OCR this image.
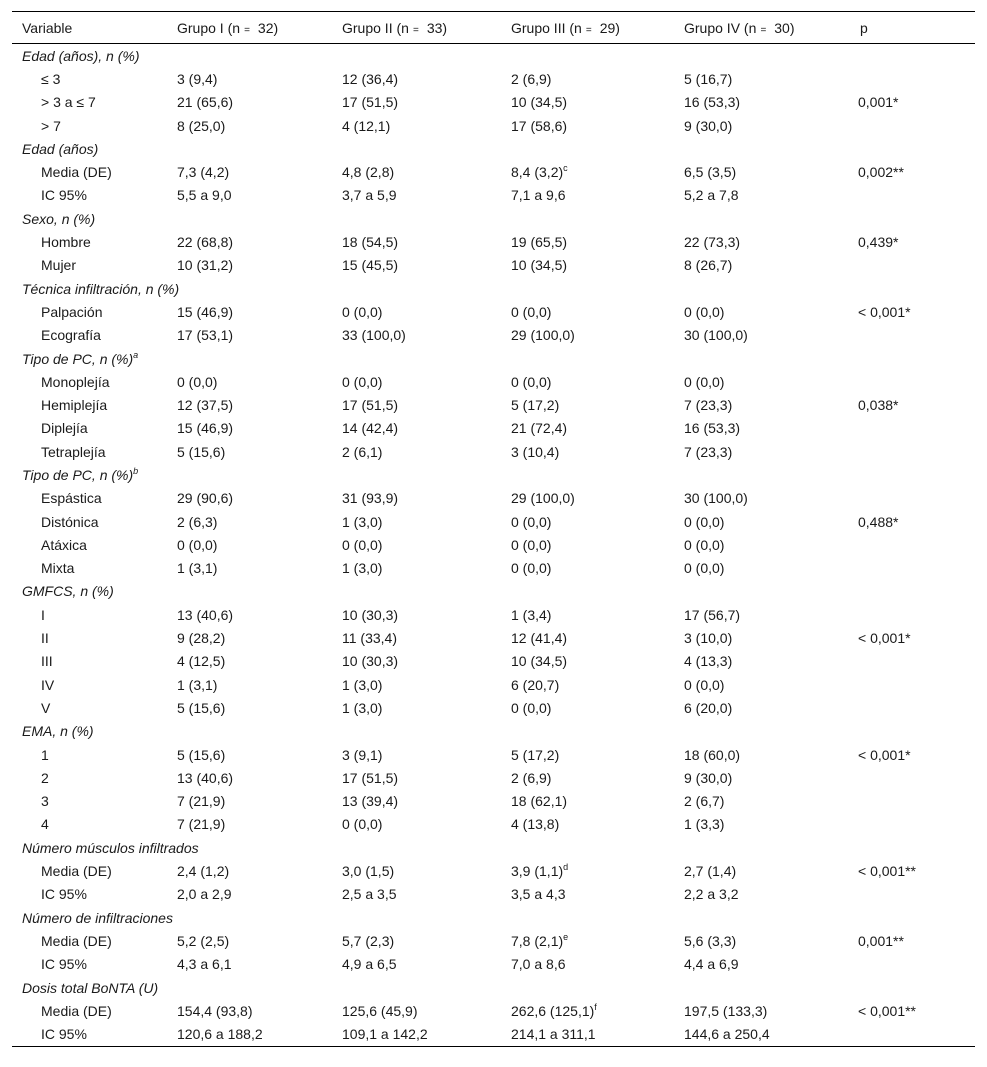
Variable	Grupo I (n = 32)	Grupo II (n = 33)	Grupo III (n = 29)	Grupo IV (n = 30)	p
Edad (años), n (%)					
≤ 3	3 (9,4)	12 (36,4)	2 (6,9)	5 (16,7)	
> 3 a ≤ 7	21 (65,6)	17 (51,5)	10 (34,5)	16 (53,3)	0,001*
> 7	8 (25,0)	4 (12,1)	17 (58,6)	9 (30,0)	
Edad (años)					
Media (DE)	7,3 (4,2)	4,8 (2,8)	8,4 $(3,2)^c$	6,5 (3,5)	0,002**
IC 95%	5,5 a 9,0	3,7 a 5,9	7,1 a 9,6	5,2 a 7,8	
Sexo, n (%)					
Hombre	22 (68,8)	18 (54,5)	19 (65,5)	22 (73,3)	0,439*
Mujer	10 (31,2)	15 (45,5)	10 (34,5)	8 (26,7)	
Técnica infiltración, n (%)					
Palpación	15 (46,9)	0 (0,0)	0 (0,0)	0 (0,0)	< 0,001*
Ecografía	17 (53,1)	33 (100,0)	29 (100,0)	30 (100,0)	
Tipo de PC, n (%)$^a$
Monoplejía	0 (0,0)	0 (0,0)	0 (0,0)	0 (0,0)	
Hemiplejía	12 (37,5)	17 (51,5)	5 (17,2)	7 (23,3)	0,038*
Diplejía	15 (46,9)	14 (42,4)	21 (72,4)	16 (53,3)	
Tetraplejía	5 (15,6)	2 (6,1)	3 (10,4)	7 (23,3)	
Tipo de PC, n (%)$^b$
Espástica	29 (90,6)	31 (93,9)	29 (100,0)	30 (100,0)	
Distónica	2 (6,3)	1 (3,0)	0 (0,0)	0 (0,0)	0,488*
Atáxica	0 (0,0)	0 (0,0)	0 (0,0)	0 (0,0)	
Mixta	1 (3,1)	1 (3,0)	0 (0,0)	0 (0,0)	
GMFCS, n (%)					
I	13 (40,6)	10 (30,3)	1 (3,4)	17 (56,7)	
II	9 (28,2)	11 (33,4)	12 (41,4)	3 (10,0)	< 0,001*
III	4 (12,5)	10 (30,3)	10 (34,5)	4 (13,3)	
IV	1 (3,1)	1 (3,0)	6 (20,7)	0 (0,0)	
V	5 (15,6)	1 (3,0)	0 (0,0)	6 (20,0)	
EMA, n (%)					
1	5 (15,6)	3 (9,1)	5 (17,2)	18 (60,0)	< 0,001*
2	13 (40,6)	17 (51,5)	2 (6,9)	9 (30,0)	
3	7 (21,9)	13 (39,4)	18 (62,1)	2 (6,7)	
4	7 (21,9)	0 (0,0)	4 (13,8)	1 (3,3)	
Número músculos infiltrados					
Media (DE)	2,4 (1,2)	3,0 (1,5)	3,9 $(1,1)^d$	2,7 (1,4)	< 0,001**
IC 95%	2,0 a 2,9	2,5 a 3,5	3,5 a 4,3	2,2 a 3,2	
Número de infiltraciones					
Media (DE)	5,2 (2,5)	5,7 (2,3)	7,8 $(2,1)^e$	5,6 (3,3)	0,001**
IC 95%	4,3 a 6,1	4,9 a 6,5	7,0 a 8,6	4,4 a 6,9	
Dosis total BoNTA (U)					
Media (DE)	154,4 (93,8)	125,6 (45,9)	262,6 $(125,1)^f$	197,5 (133,3)	< 0,001**
IC 95%	120,6 a 188,2	109,1 a 142,2	214,1 a 311,1	144,6 a 250,4	
